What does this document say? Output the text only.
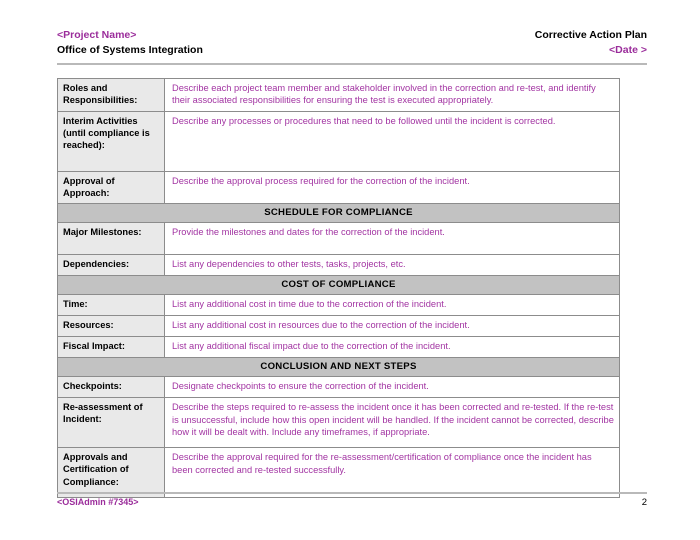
<Project Name>
Office of Systems Integration
Corrective Action Plan
<Date >
Roles and Responsibilities:	Describe each project team member and stakeholder involved in the correction and re-test, and identify their associated responsibilities for ensuring the test is executed appropriately.
Interim Activities (until compliance is reached):	Describe any processes or procedures that need to be followed until the incident is corrected.
Approval of Approach:	Describe the approval process required for the correction of the incident.
SCHEDULE FOR COMPLIANCE	
Major Milestones:	Provide the milestones and dates for the correction of the incident.
Dependencies:	List any dependencies to other tests, tasks, projects, etc.
COST OF COMPLIANCE	
Time:	List any additional cost in time due to the correction of the incident.
Resources:	List any additional cost in resources due to the correction of the incident.
Fiscal Impact:	List any additional fiscal impact due to the correction of the incident.
CONCLUSION AND NEXT STEPS	
Checkpoints:	Designate checkpoints to ensure the correction of the incident.
Re-assessment of Incident:	Describe the steps required to re-assess the incident once it has been corrected and re-tested. If the re-test is unsuccessful, include how this open incident will be handled. If the incident cannot be corrected, describe how it will be dealt with. Include any timeframes, if appropriate.
Approvals and Certification of Compliance:	Describe the approval required for the re-assessment/certification of compliance once the incident has been corrected and re-tested successfully.
<OSIAdmin #7345>	2
